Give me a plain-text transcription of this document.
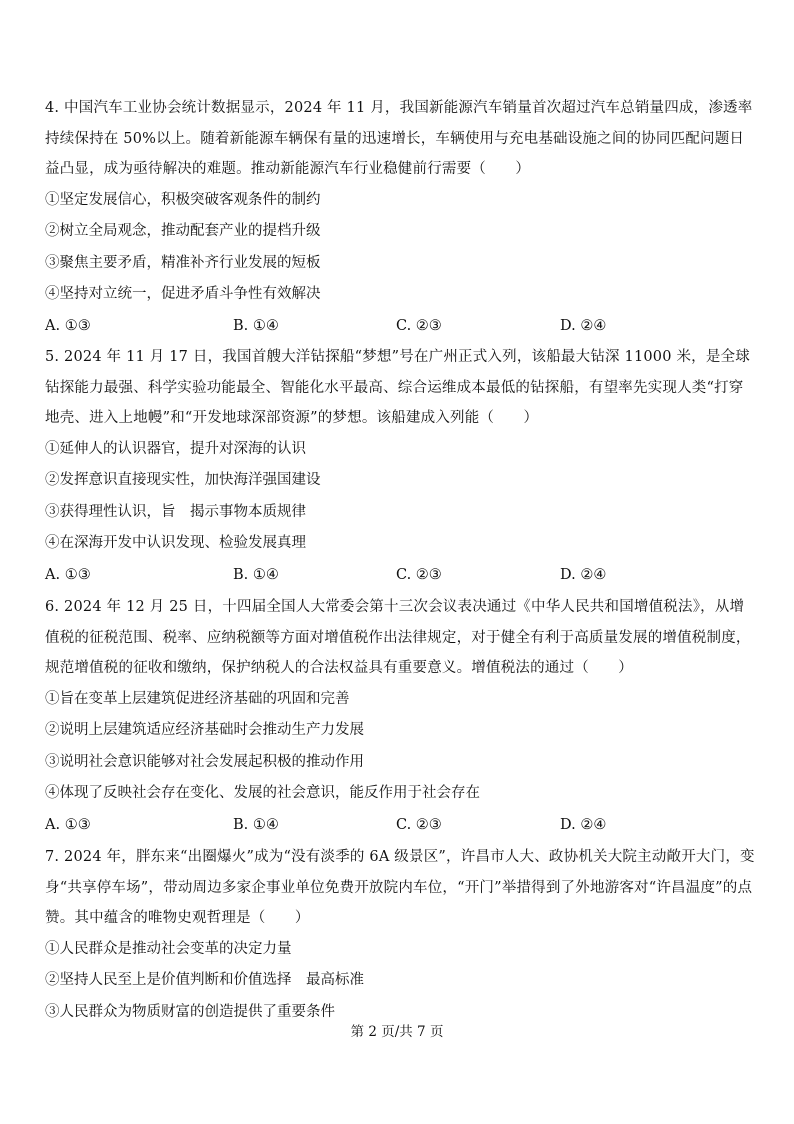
4. 中国汽车工业协会统计数据显示，2024 年 11 月，我国新能源汽车销量首次超过汽车总销量四成，渗透率持续保持在 50%以上。随着新能源车辆保有量的迅速增长，车辆使用与充电基础设施之间的协同匹配问题日益凸显，成为亟待解决的难题。推动新能源汽车行业稳健前行需要（　　）

①坚定发展信心，积极突破客观条件的制约

②树立全局观念，推动配套产业的提档升级

③聚焦主要矛盾，精准补齐行业发展的短板

④坚持对立统一，促进矛盾斗争性有效解决

A. ①③	B. ①④	C. ②③	D. ②④

5. 2024 年 11 月 17 日，我国首艘大洋钻探船“梦想”号在广州正式入列，该船最大钻深 11000 米，是全球钻探能力最强、科学实验功能最全、智能化水平最高、综合运维成本最低的钻探船，有望率先实现人类“打穿地壳、进入上地幔”和“开发地球深部资源”的梦想。该船建成入列能（　　）

①延伸人的认识器官，提升对深海的认识

②发挥意识直接现实性，加快海洋强国建设

③获得理性认识，旨　揭示事物本质规律

④在深海开发中认识发现、检验发展真理

A. ①③	B. ①④	C. ②③	D. ②④

6. 2024 年 12 月 25 日，十四届全国人大常委会第十三次会议表决通过《中华人民共和国增值税法》，从增值税的征税范围、税率、应纳税额等方面对增值税作出法律规定，对于健全有利于高质量发展的增值税制度，规范增值税的征收和缴纳，保护纳税人的合法权益具有重要意义。增值税法的通过（　　）

①旨在变革上层建筑促进经济基础的巩固和完善

②说明上层建筑适应经济基础时会推动生产力发展

③说明社会意识能够对社会发展起积极的推动作用

④体现了反映社会存在变化、发展的社会意识，能反作用于社会存在

A. ①③	B. ①④	C. ②③	D. ②④

7. 2024 年，胖东来“出圈爆火”成为“没有淡季的 6A 级景区”，许昌市人大、政协机关大院主动敞开大门，变身“共享停车场”，带动周边多家企事业单位免费开放院内车位，“开门”举措得到了外地游客对“许昌温度”的点赞。其中蕴含的唯物史观哲理是（　　）

①人民群众是推动社会变革的决定力量

②坚持人民至上是价值判断和价值选择　最高标准

③人民群众为物质财富的创造提供了重要条件

第 2 页/共 7 页
